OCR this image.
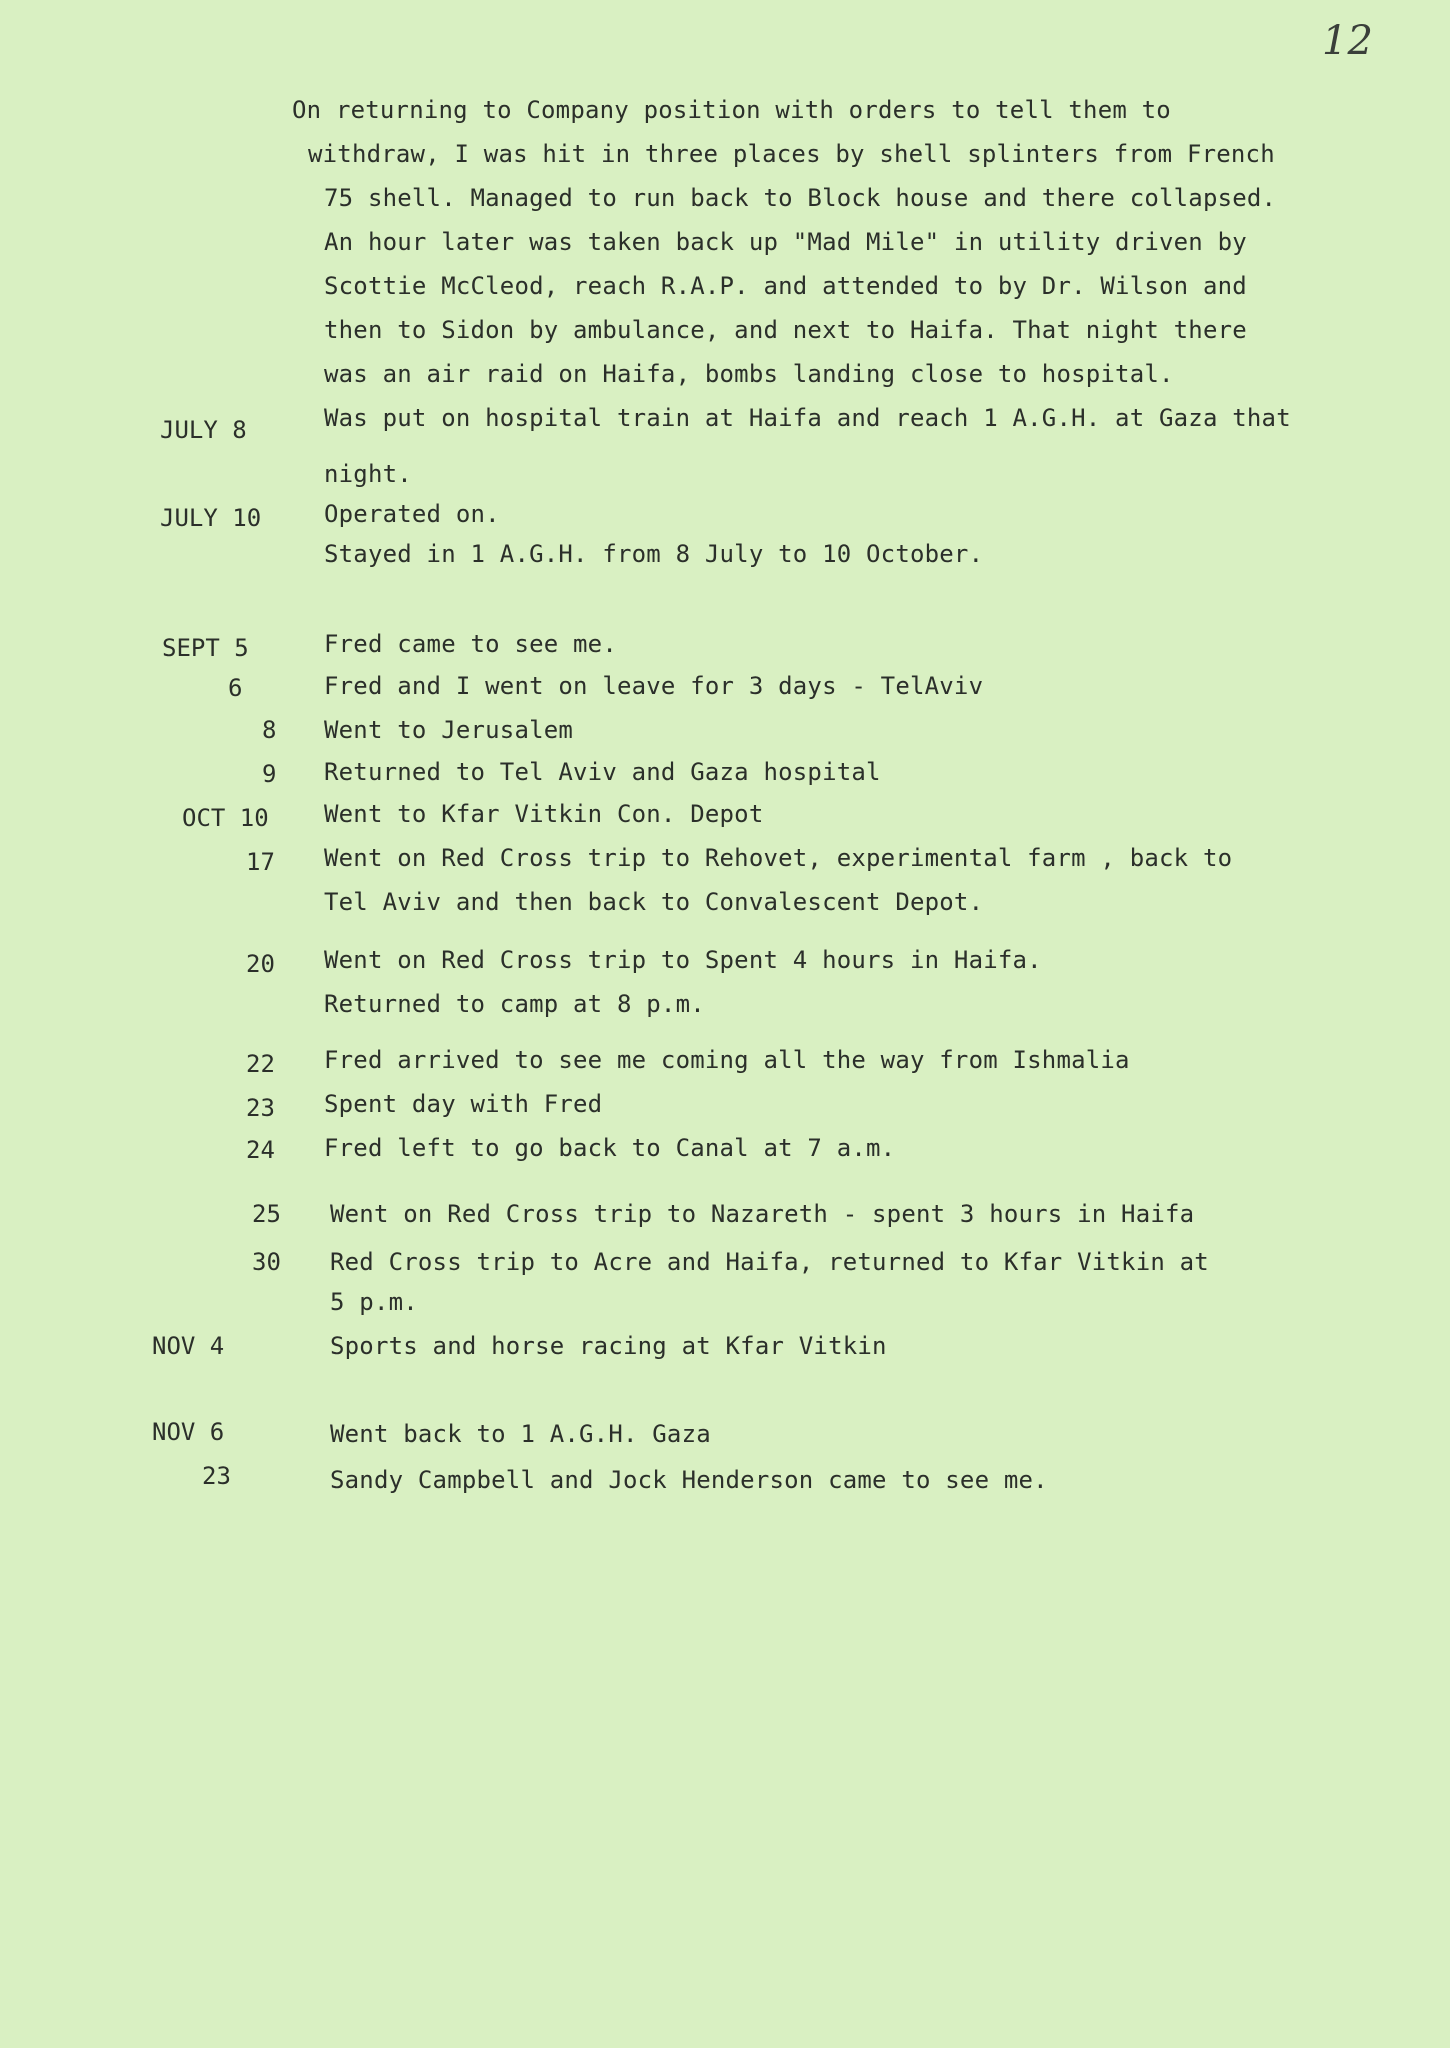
12
On returning to Company position with orders to tell them to
withdraw, I was hit in three places by shell splinters from French
75 shell. Managed to run back to Block house and there collapsed.
An hour later was taken back up "Mad Mile" in utility driven by
Scottie McCleod, reach R.A.P. and attended to by Dr. Wilson and
then to Sidon by ambulance, and next to Haifa. That night there
was an air raid on Haifa, bombs landing close to hospital.
JULY 8	Was put on hospital train at Haifa and reach 1 A.G.H. at Gaza that
night.
JULY 10	Operated on.
Stayed in 1 A.G.H. from 8 July to 10 October.
SEPT 5	Fred came to see me.
6	Fred and I went on leave for 3 days - TelAviv
8 Went to Jerusalem
9 Returned to Tel Aviv and Gaza hospital
OCT 10 Went to Kfar Vitkin Con. Depot
17 Went on Red Cross trip to Rehovet, experimental farm , back to
Tel Aviv and then back to Convalescent Depot.
20 Went on Red Cross trip to Spent 4 hours in Haifa.
Returned to camp at 8 p.m.
22 Fred arrived to see me coming all the way from Ishmalia
23 Spent day with Fred
24 Fred left to go back to Canal at 7 a.m.
25 Went on Red Cross trip to Nazareth - spent 3 hours in Haifa
30 Red Cross trip to Acre and Haifa, returned to Kfar Vitkin at
5 p.m.
NOV 4	Sports and horse racing at Kfar Vitkin
NOV 6	Went back to 1 A.G.H. Gaza
23	Sandy Campbell and Jock Henderson came to see me.
